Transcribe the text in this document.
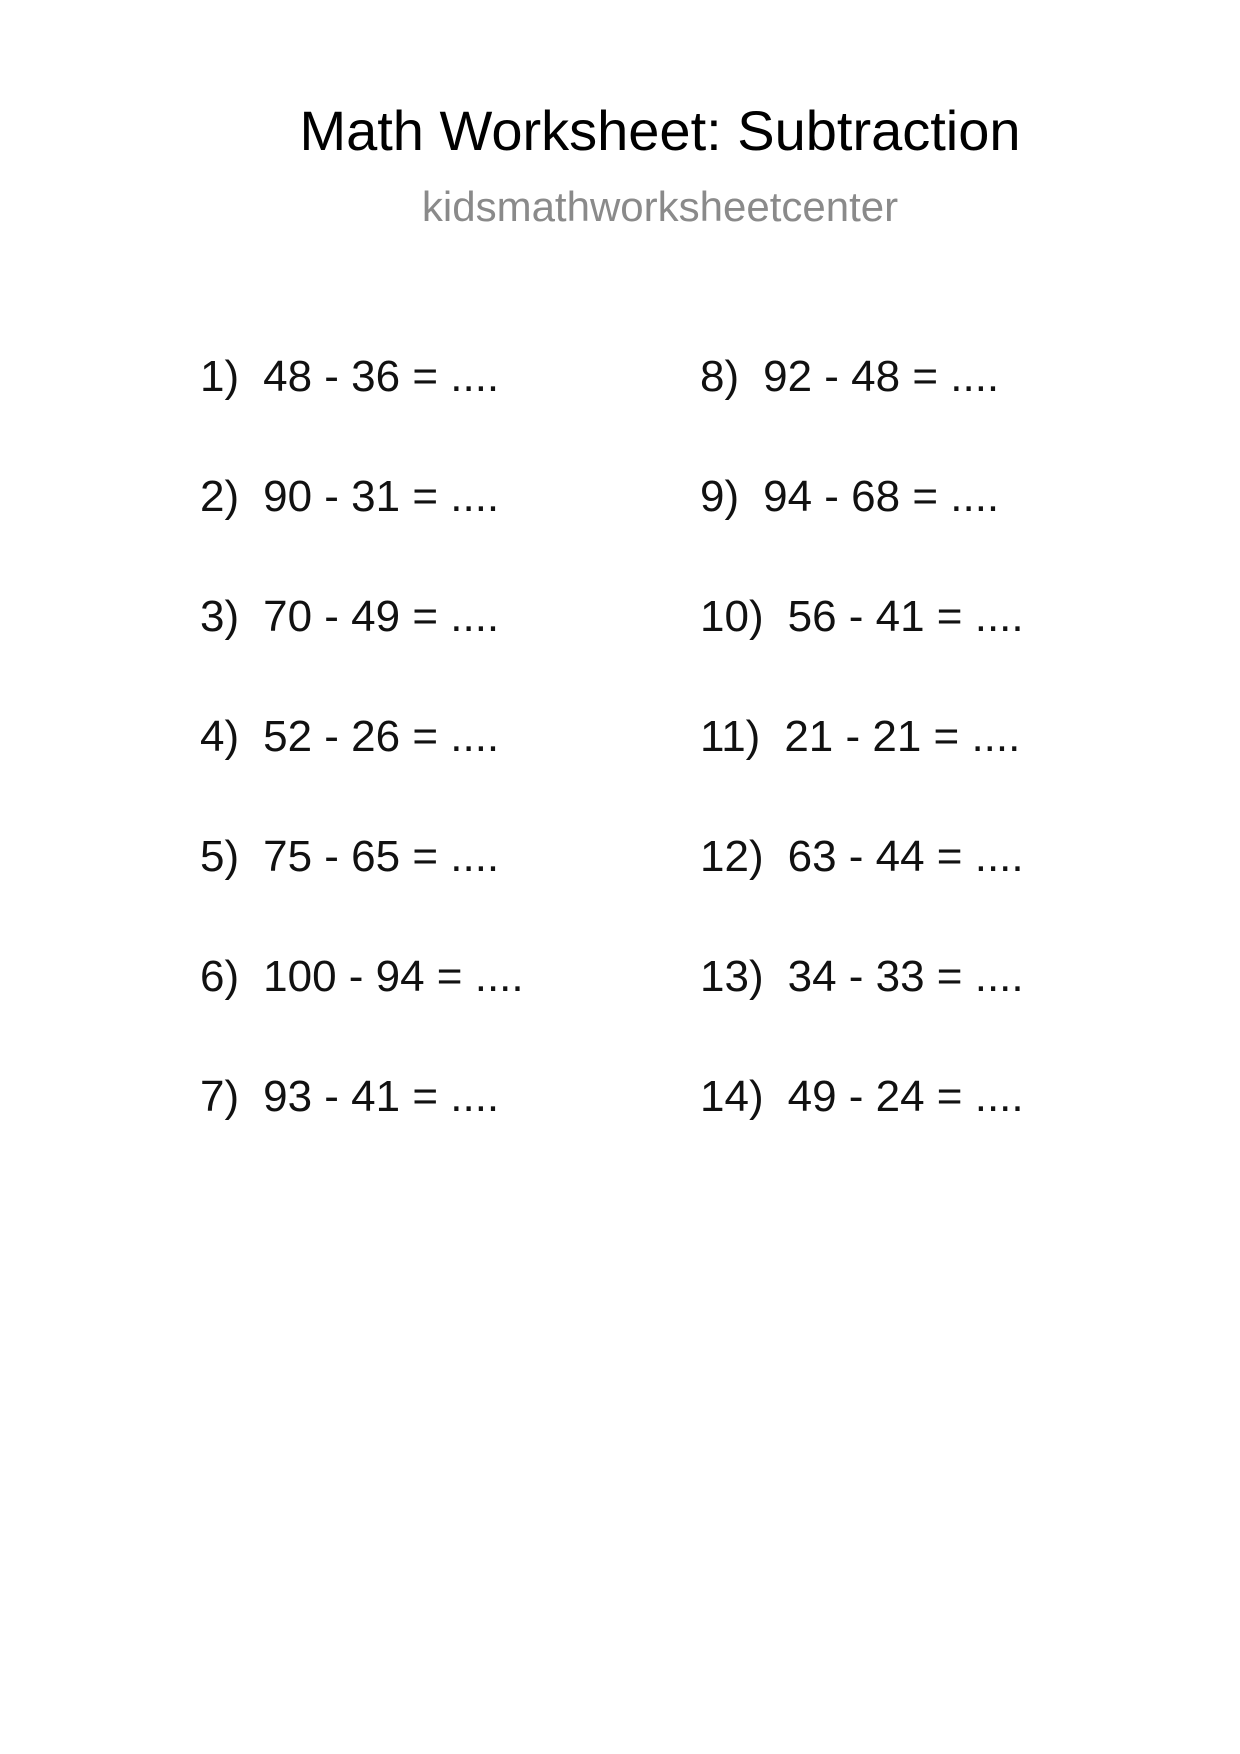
Math Worksheet: Subtraction
kidsmathworksheetcenter
1) 48 - 36 = ....
2) 90 - 31 = ....
3) 70 - 49 = ....
4) 52 - 26 = ....
5) 75 - 65 = ....
6) 100 - 94 = ....
7) 93 - 41 = ....
8) 92 - 48 = ....
9) 94 - 68 = ....
10) 56 - 41 = ....
11) 21 - 21 = ....
12) 63 - 44 = ....
13) 34 - 33 = ....
14) 49 - 24 = ....
